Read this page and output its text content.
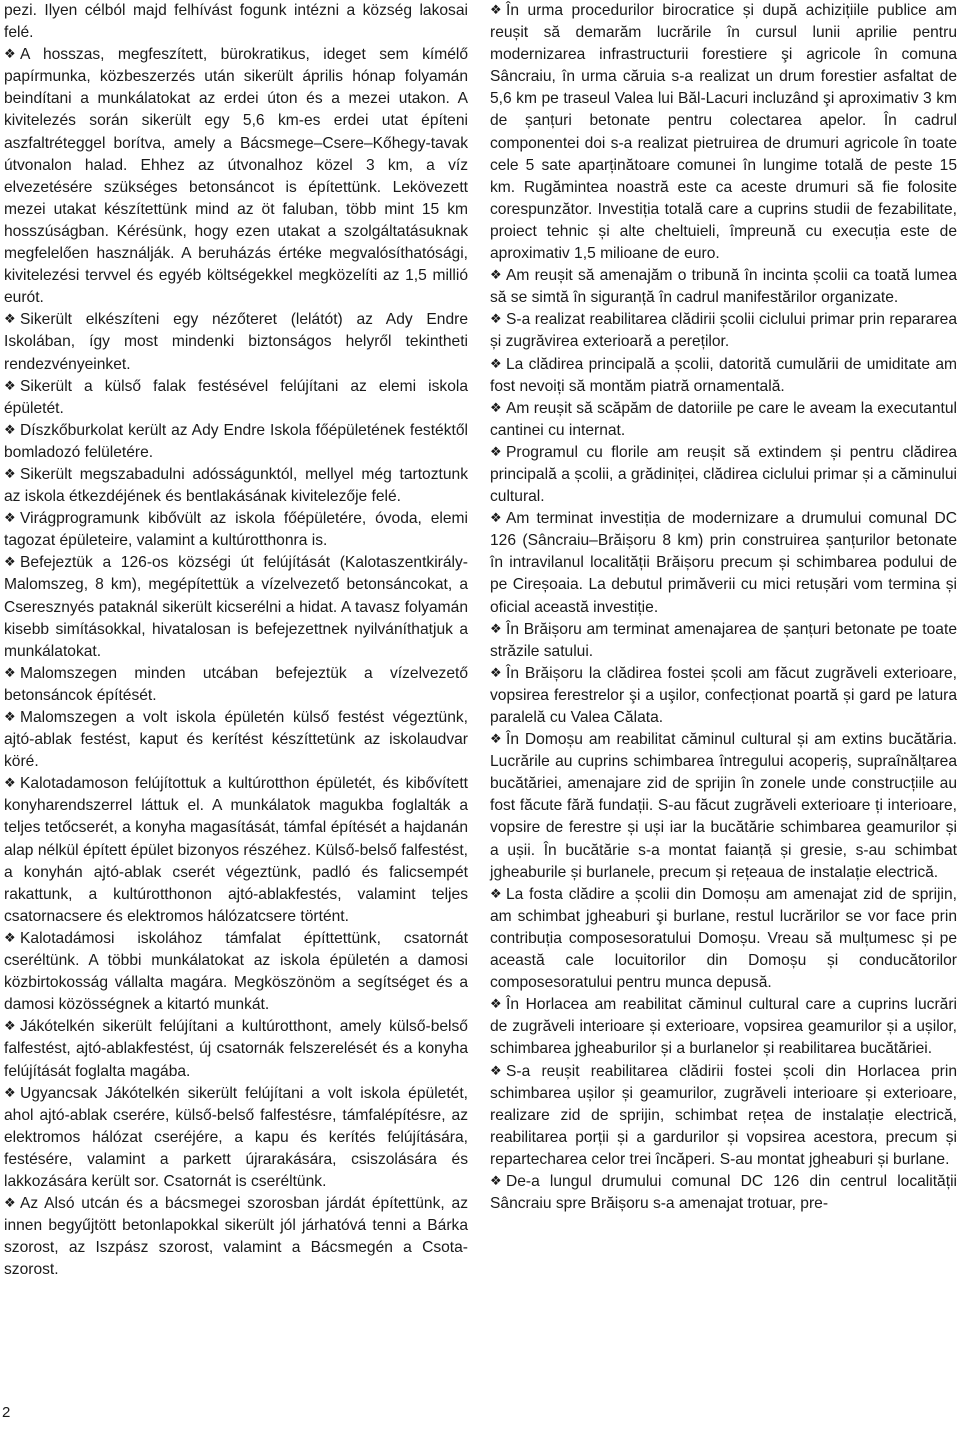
pezi. Ilyen célból majd felhívást fogunk intézni a község lakosai felé.

❖ A hosszas, megfeszített, bürokratikus, ideget sem kímélő papírmunka, közbeszerzés után sikerült április hónap folyamán beindítani a munkálatokat az erdei úton és a mezei utakon. A kivitelezés során sikerült egy 5,6 km-es erdei utat építeni aszfaltréteggel borítva, amely a Bácsmege–Csere–Kőhegy-tavak útvonalon halad. Ehhez az útvonalhoz közel 3 km, a víz elvezetésére szükséges betonsáncot is építettünk. Lekövezett mezei utakat készítettünk mind az öt faluban, több mint 15 km hosszúságban. Kérésünk, hogy ezen utakat a szolgáltatásuknak megfelelően használják. A beruházás értéke megvalósíthatósági, kivitelezési tervvel és egyéb költségekkel megközelíti az 1,5 millió eurót.

❖ Sikerült elkészíteni egy nézőteret (lelátót) az Ady Endre Iskolában, így most mindenki biztonságos helyről tekintheti rendezvényeinket.

❖ Sikerült a külső falak festésével felújítani az elemi iskola épületét.

❖ Díszkőburkolat került az Ady Endre Iskola főépületének festéktől bomladozó felületére.

❖ Sikerült megszabadulni adósságunktól, mellyel még tartoztunk az iskola étkezdéjének és bentlakásának kivitelezője felé.

❖ Virágprogramunk kibővült az iskola főépületére, óvoda, elemi tagozat épületeire, valamint a kultúrotthonra is.

❖ Befejeztük a 126-os községi út felújítását (Kalotaszentkirály-Malomszeg, 8 km), megépítettük a vízelvezető betonsáncokat, a Cseresznyés pataknál sikerült kicserélni a hidat. A tavasz folyamán kisebb simításokkal, hivatalosan is befejezettnek nyilváníthatjuk a munkálatokat.

❖ Malomszegen minden utcában befejeztük a vízelvezető betonsáncok építését.

❖ Malomszegen a volt iskola épületén külső festést végeztünk, ajtó-ablak festést, kaput és kerítést készíttetünk az iskolaudvar köré.

❖ Kalotadamoson felújítottuk a kultúrotthon épületét, és kibővített konyharendszerrel láttuk el. A munkálatok magukba foglalták a teljes tetőcserét, a konyha magasítását, támfal építését a hajdanán alap nélkül épített épület bizonyos részéhez. Külső-belső falfestést, a konyhán ajtó-ablak cserét végeztünk, padló és falicsempét rakattunk, a kultúrotthonon ajtó-ablakfestés, valamint teljes csatornacsere és elektromos hálózatcsere történt.

❖ Kalotadámosi iskolához támfalat építtettünk, csatornát cseréltünk. A többi munkálatokat az iskola épületén a damosi közbirtokosság vállalta magára. Megköszönöm a segítséget és a damosi közösségnek a kitartó munkát.

❖ Jákótelkén sikerült felújítani a kultúrotthont, amely külső-belső falfestést, ajtó-ablakfestést, új csatornák felszerelését és a konyha felújítását foglalta magába.

❖ Ugyancsak Jákótelkén sikerült felújítani a volt iskola épületét, ahol ajtó-ablak cserére, külső-belső falfestésre, támfalépítésre, az elektromos hálózat cseréjére, a kapu és kerítés felújítására, festésére, valamint a parkett újrarakására, csiszolására és lakkozására került sor. Csatornát is cseréltünk.

❖ Az Alsó utcán és a bácsmegei szorosban járdát építettünk, az innen begyűjtött betonlapokkal sikerült jól járhatóvá tenni a Bárka szorost, az Iszpász szorost, valamint a Bácsmegén a Csota-szorost.

❖ În urma procedurilor birocratice și după achizițiile publice am reușit să demarăm lucrările în cursul lunii aprilie pentru modernizarea infrastructurii forestiere şi agricole în comuna Sâncraiu, în urma căruia s-a realizat un drum forestier asfaltat de 5,6 km pe traseul Valea lui Băl-Lacuri incluzând şi aproximativ 3 km de șanțuri betonate pentru colectarea apelor. În cadrul componentei doi s-a realizat pietruirea de drumuri agricole în toate cele 5 sate aparținătoare comunei în lungime totală de peste 15 km. Rugămintea noastră este ca aceste drumuri să fie folosite corespunzător. Investiția totală care a cuprins studii de fezabilitate, proiect tehnic și alte cheltuieli, împreună cu execuția este de aproximativ 1,5 milioane de euro.

❖ Am reușit să amenajăm o tribună în incinta școlii ca toată lumea să se simtă în siguranță în cadrul manifestărilor organizate.

❖ S-a realizat reabilitarea clădirii școlii ciclului primar prin repararea și zugrăvirea exterioară a pereților.

❖ La clădirea principală a școlii, datorită cumulării de umiditate am fost nevoiți să montăm piatră ornamentală.

❖ Am reușit să scăpăm de datoriile pe care le aveam la executantul cantinei cu internat.

❖ Programul cu florile am reușit să extindem și pentru clădirea principală a școlii, a grădiniței, clădirea ciclului primar și a căminului cultural.

❖ Am terminat investiția de modernizare a drumului comunal DC 126 (Sâncraiu–Brăișoru 8 km) prin construirea șanțurilor betonate în intravilanul localității Brăișoru precum și schimbarea podului de pe Cireșoaia. La debutul primăverii cu mici retușări vom termina și oficial această investiție.

❖ În Brăișoru am terminat amenajarea de șanțuri betonate pe toate străzile satului.

❖ În Brăișoru la clădirea fostei școli am făcut zugrăveli exterioare, vopsirea ferestrelor şi a uşilor, confecționat poartă și gard pe latura paralelă cu Valea Călata.

❖ În Domoșu am reabilitat căminul cultural și am extins bucătăria. Lucrările au cuprins schimbarea întregului acoperiș, supraînălțarea bucătăriei, amenajare zid de sprijin în zonele unde construcțiile au fost făcute fără fundații. S-au făcut zugrăveli exterioare ți interioare, vopsire de ferestre și uși iar la bucătărie schimbarea geamurilor și a ușii. În bucătărie s-a montat faianță și gresie, s-au schimbat jgheaburile și burlanele, precum și rețeaua de instalație electrică.

❖ La fosta clădire a școlii din Domoșu am amenajat zid de sprijin, am schimbat jgheaburi şi burlane, restul lucrărilor se vor face prin contribuția composesoratului Domoșu. Vreau să mulțumesc și pe această cale locuitorilor din Domoșu și conducătorilor composesoratului pentru munca depusă.

❖ În Horlacea am reabilitat căminul cultural care a cuprins lucrări de zugrăveli interioare și exterioare, vopsirea geamurilor și a ușilor, schimbarea jgheaburilor și a burlanelor și reabilitarea bucătăriei.

❖ S-a reușit reabilitarea clădirii fostei școli din Horlacea prin schimbarea ușilor și geamurilor, zugrăveli interioare și exterioare, realizare zid de sprijin, schimbat rețea de instalație electrică, reabilitarea porții și a gardurilor și vopsirea acestora, precum și repartecharea celor trei încăperi. S-au montat jgheaburi și burlane.

❖ De-a lungul drumului comunal DC 126 din centrul localității Sâncraiu spre Brăișoru s-a amenajat trotuar, pre-

2
